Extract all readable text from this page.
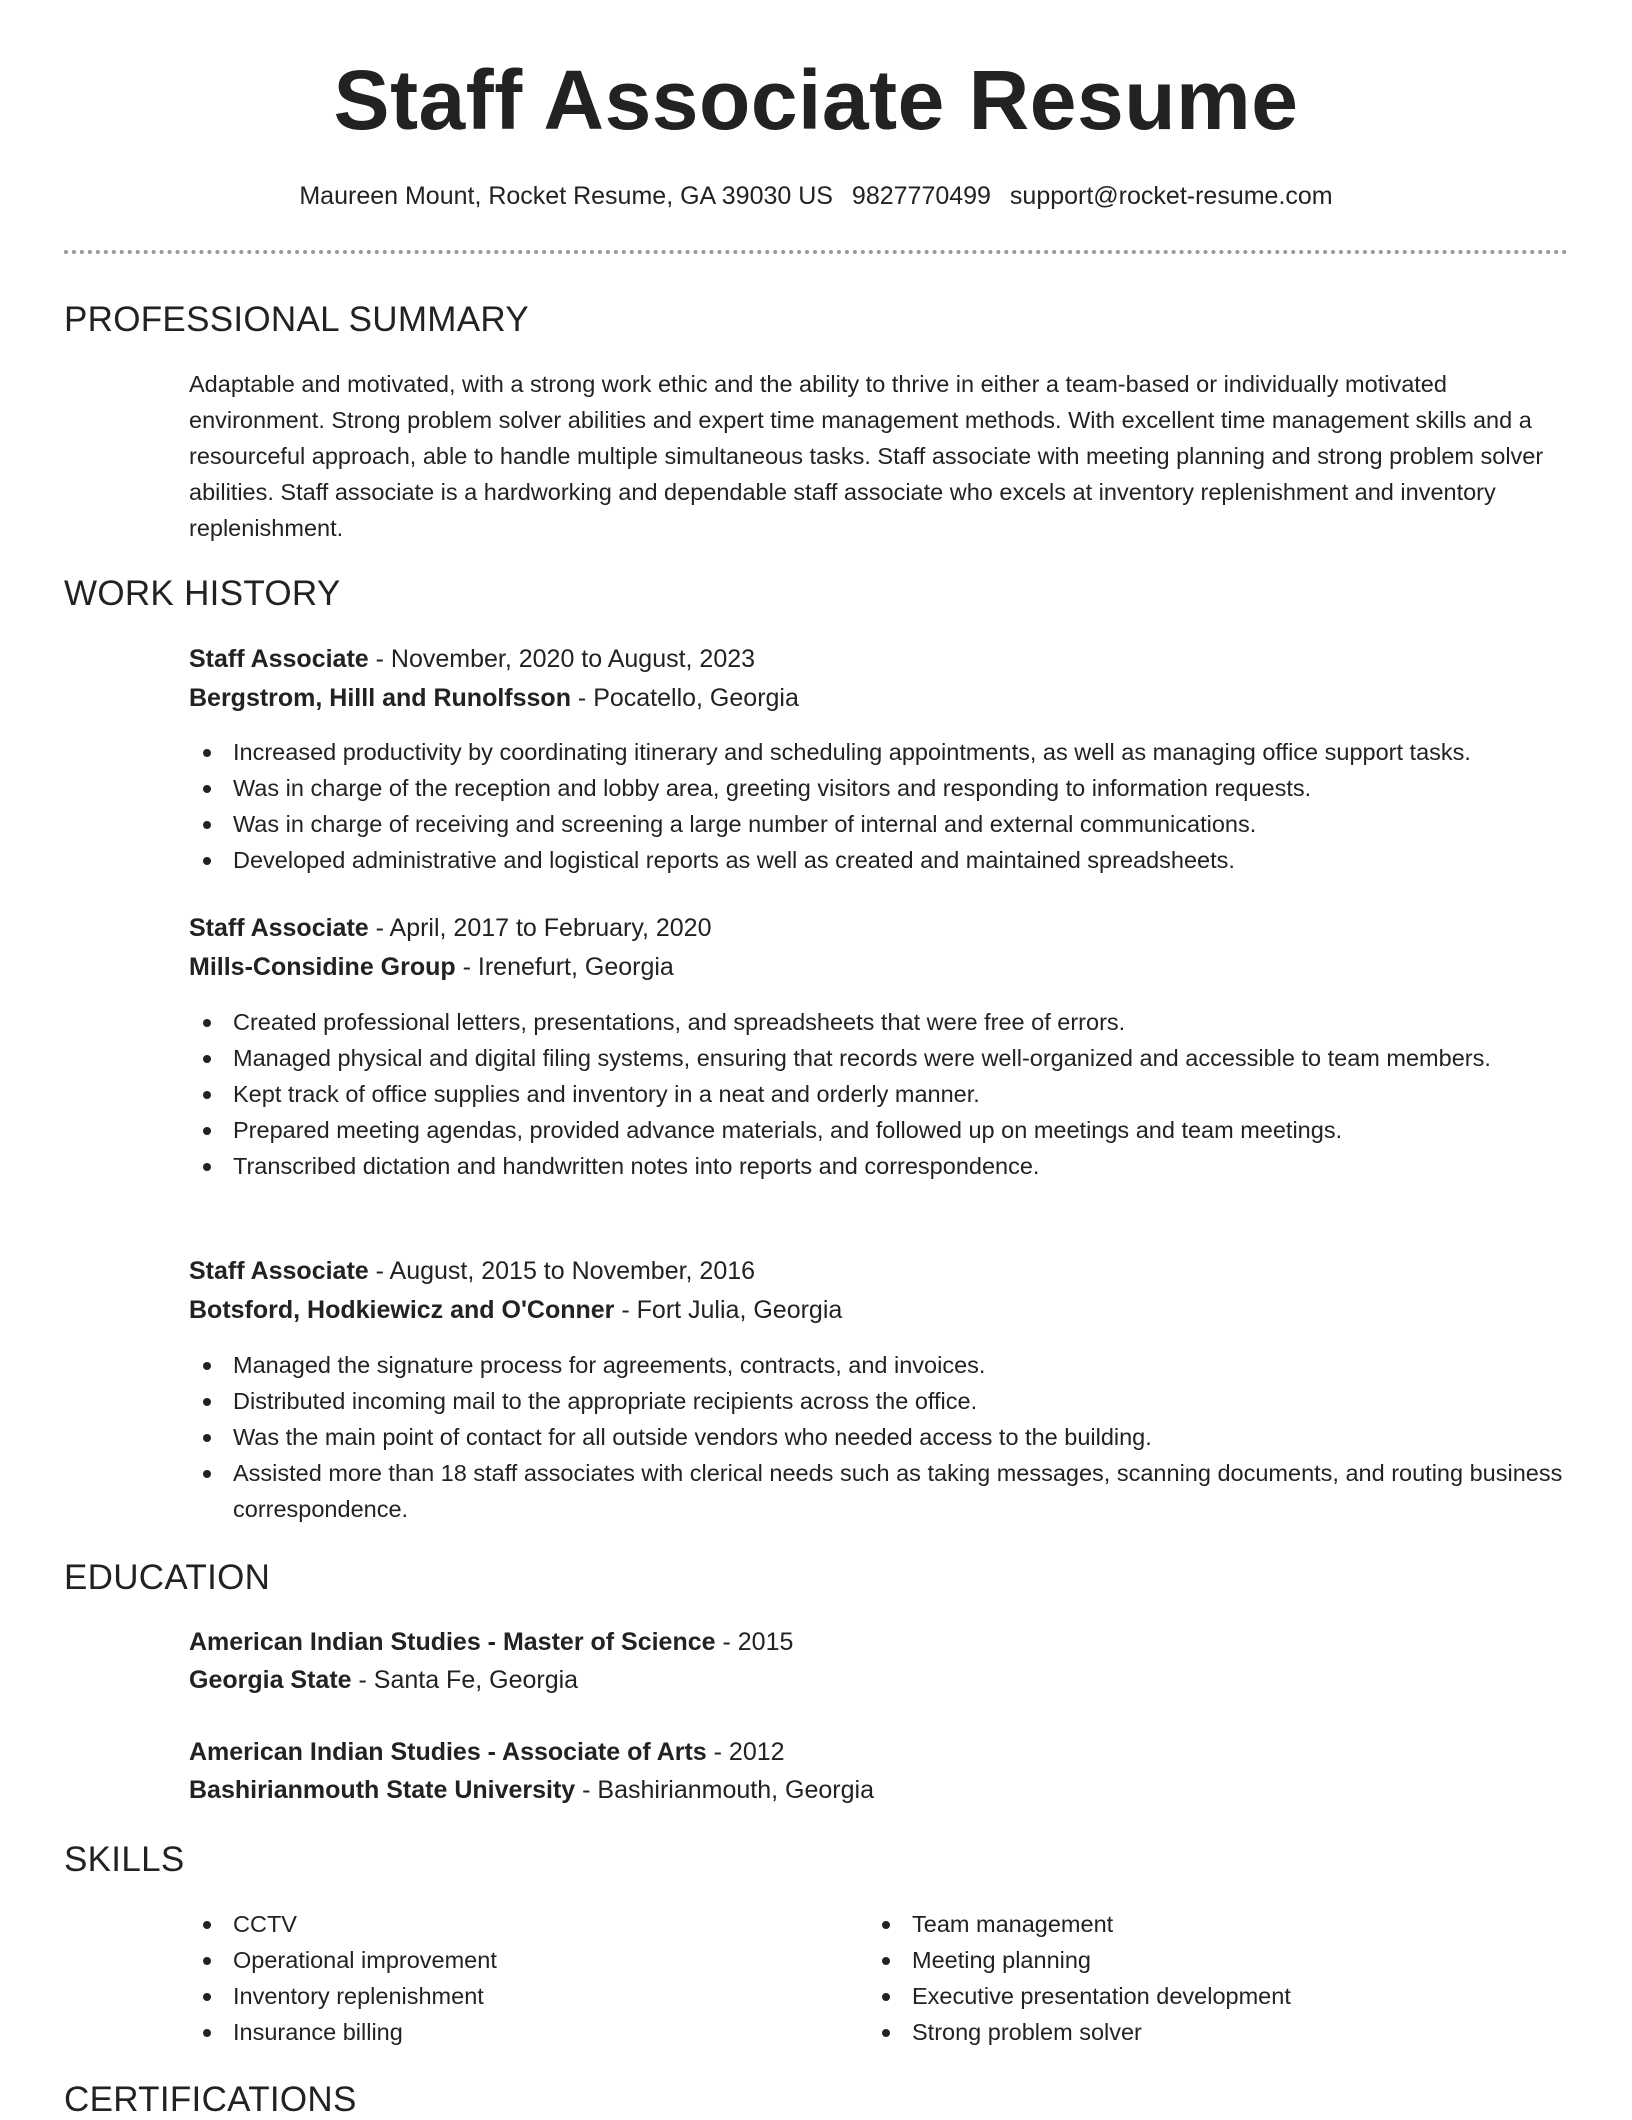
Staff Associate Resume
Maureen Mount, Rocket Resume, GA 39030 US 9827770499 support@rocket-resume.com
PROFESSIONAL SUMMARY
Adaptable and motivated, with a strong work ethic and the ability to thrive in either a team-based or individually motivated environment. Strong problem solver abilities and expert time management methods. With excellent time management skills and a resourceful approach, able to handle multiple simultaneous tasks. Staff associate with meeting planning and strong problem solver abilities. Staff associate is a hardworking and dependable staff associate who excels at inventory replenishment and inventory replenishment.
WORK HISTORY
Staff Associate - November, 2020 to August, 2023
Bergstrom, Hilll and Runolfsson - Pocatello, Georgia
Increased productivity by coordinating itinerary and scheduling appointments, as well as managing office support tasks.
Was in charge of the reception and lobby area, greeting visitors and responding to information requests.
Was in charge of receiving and screening a large number of internal and external communications.
Developed administrative and logistical reports as well as created and maintained spreadsheets.
Staff Associate - April, 2017 to February, 2020
Mills-Considine Group - Irenefurt, Georgia
Created professional letters, presentations, and spreadsheets that were free of errors.
Managed physical and digital filing systems, ensuring that records were well-organized and accessible to team members.
Kept track of office supplies and inventory in a neat and orderly manner.
Prepared meeting agendas, provided advance materials, and followed up on meetings and team meetings.
Transcribed dictation and handwritten notes into reports and correspondence.
Staff Associate - August, 2015 to November, 2016
Botsford, Hodkiewicz and O'Conner - Fort Julia, Georgia
Managed the signature process for agreements, contracts, and invoices.
Distributed incoming mail to the appropriate recipients across the office.
Was the main point of contact for all outside vendors who needed access to the building.
Assisted more than 18 staff associates with clerical needs such as taking messages, scanning documents, and routing business correspondence.
EDUCATION
American Indian Studies - Master of Science - 2015
Georgia State - Santa Fe, Georgia
American Indian Studies - Associate of Arts - 2012
Bashirianmouth State University - Bashirianmouth, Georgia
SKILLS
CCTV
Operational improvement
Inventory replenishment
Insurance billing
Team management
Meeting planning
Executive presentation development
Strong problem solver
CERTIFICATIONS
